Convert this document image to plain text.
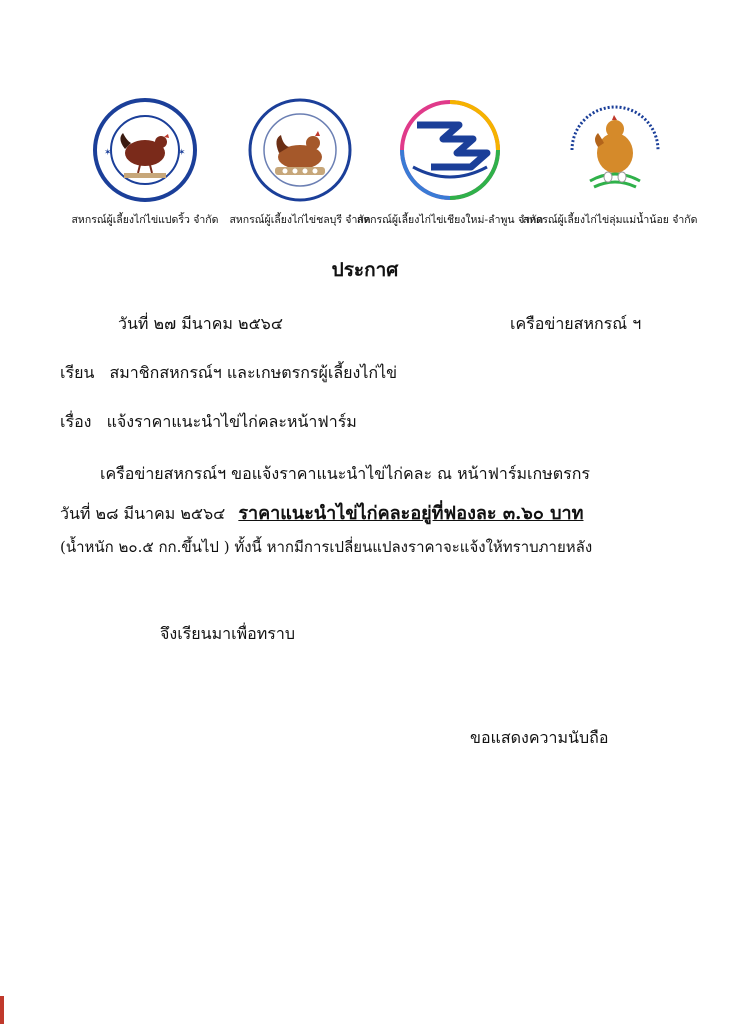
✶	✶
สหกรณ์ผู้เลี้ยงไก่ไข่แปดริ้ว จำกัด	สหกรณ์ผู้เลี้ยงไก่ไข่ชลบุรี จำกัด
สหกรณ์ผู้เลี้ยงไก่ไข่เชียงใหม่-ลำพูน จำกัด
สหกรณ์ผู้เลี้ยงไก่ไข่ลุ่มแม่น้ำน้อย จำกัด
ประกาศ
วันที่ ๒๗ มีนาคม ๒๕๖๔	เครือข่ายสหกรณ์ ฯ
เรียน สมาชิกสหกรณ์ฯ และเกษตรกรผู้เลี้ยงไก่ไข่
เรื่อง แจ้งราคาแนะนำไข่ไก่คละหน้าฟาร์ม
เครือข่ายสหกรณ์ฯ ขอแจ้งราคาแนะนำไข่ไก่คละ ณ หน้าฟาร์มเกษตรกร
วันที่ ๒๘ มีนาคม ๒๕๖๔ ราคาแนะนำไข่ไก่คละอยู่ที่ฟองละ ๓.๖๐ บาท
(น้ำหนัก ๒๐.๕ กก.ขึ้นไป ) ทั้งนี้ หากมีการเปลี่ยนแปลงราคาจะแจ้งให้ทราบภายหลัง
จึงเรียนมาเพื่อทราบ
ขอแสดงความนับถือ
